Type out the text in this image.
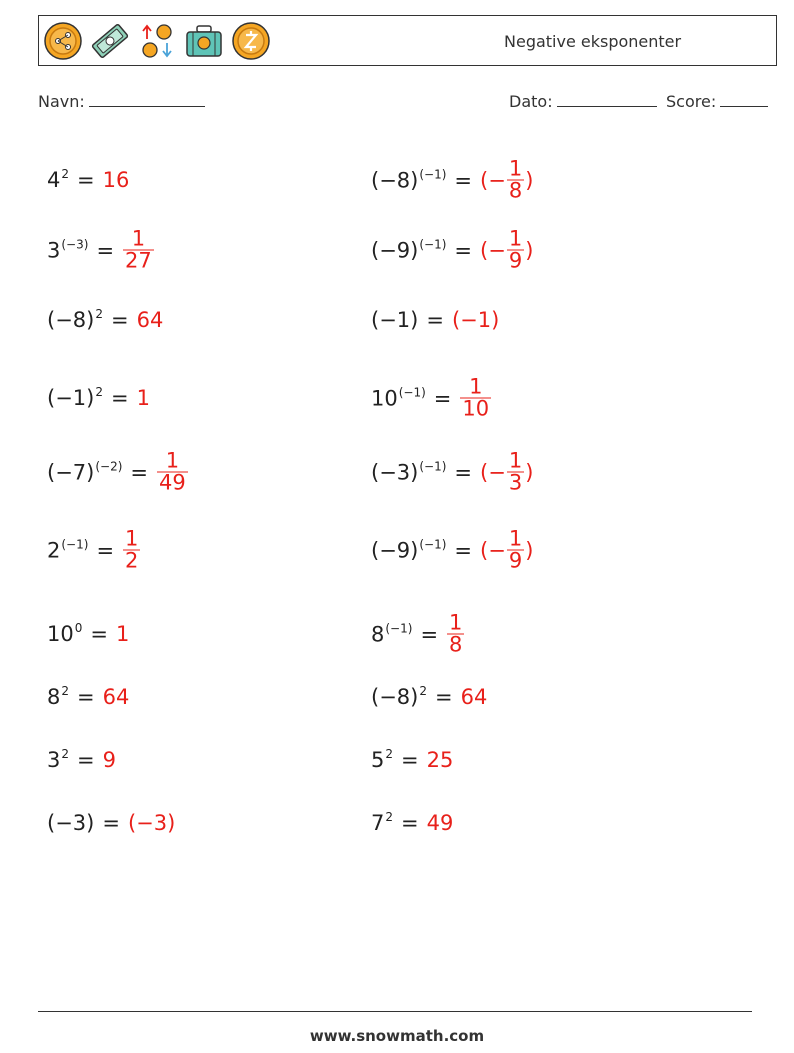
Negative eksponenter
Navn:	Dato:	Score:
$4^2 = 16$
$3^{(-3)} = \frac{1}{27}$
$(-8)^2 = 64$
$(-1)^2 = 1$
$(-7)^{(-2)} = \frac{1}{49}$
$2^{(-1)} = \frac{1}{2}$
$10^0 = 1$
$8^2 = 64$
$3^2 = 9$
(−3) = (−3)
$(-8)^{(-1)}$ = (− $\frac{1}{8}$ )
$(-9)^{(-1)}$ = (− $\frac{1}{9}$ )
(−1) = (−1)
$10^{(-1)} = \frac{1}{10}$
$(-3)^{(-1)}$ = (− $\frac{1}{3}$ )
$(-9)^{(-1)}$ = (− $\frac{1}{9}$ )
$8^{(-1)} = \frac{1}{8}$
$(-8)^2 = 64$
$5^2 = 25$
$7^2 = 49$
www.snowmath.com
